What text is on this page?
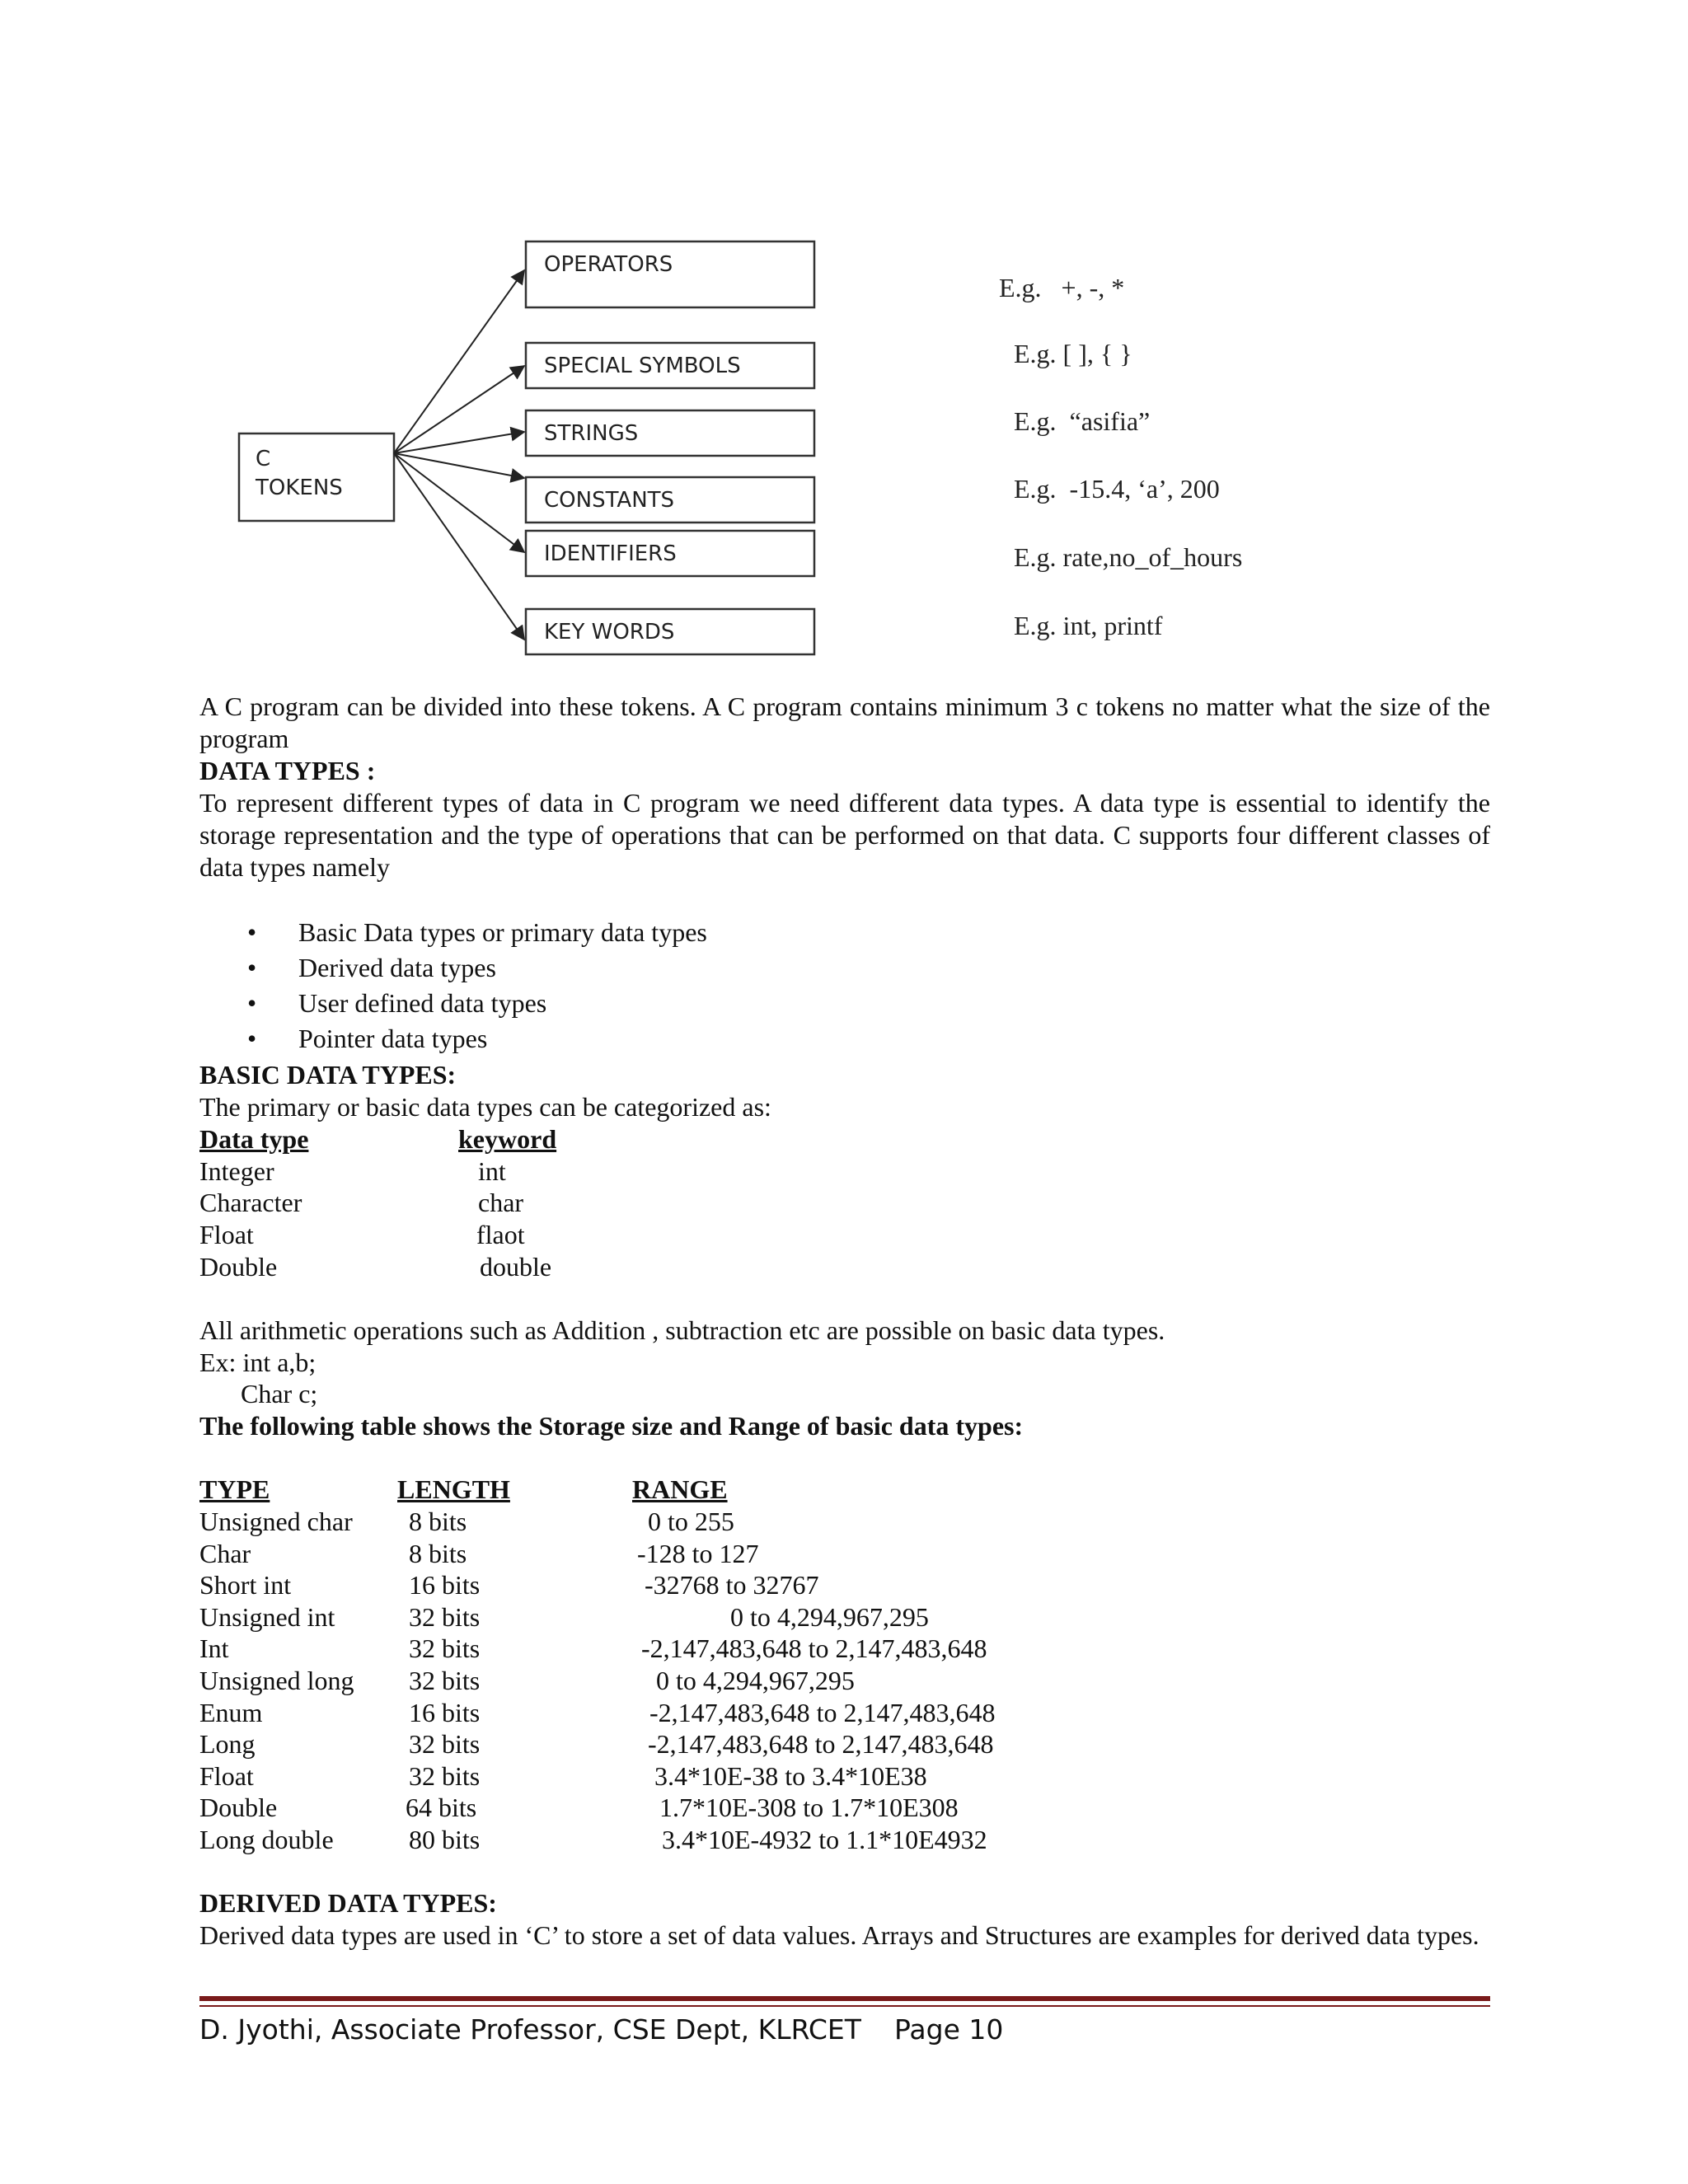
C
TOKENS
OPERATORS
SPECIAL SYMBOLS
STRINGS
CONSTANTS
IDENTIFIERS
KEY WORDS
E.g.   +, -, *
E.g. [ ], { }
E.g.  “asifia”
E.g.  -15.4, ‘a’, 200
E.g. rate,no_of_hours
E.g. int, printf
A C program can be divided into these tokens. A C program contains minimum 3 c tokens no matter what the size of the program
DATA TYPES :
To represent different types of data in C program we need different data types. A data type is essential to identify the storage representation and the type of operations that can be performed on that data. C supports four different classes of data types namely
• Basic Data types or primary data types
• Derived data types
• User defined data types
• Pointer data types
BASIC DATA TYPES:
The primary or basic data types can be categorized as:
Data type	keyword
Integer	int
Character	char
Float	flaot
Double	double
All arithmetic operations such as Addition , subtraction etc are possible on basic data types.
Ex: int a,b;
Char c;
The following table shows the Storage size and Range of basic data types:
TYPE	LENGTH	RANGE
Unsigned char 8 bits	0 to 255
Char	8 bits	-128 to 127
Short int	16 bits	-32768 to 32767
Unsigned int	32 bits	0 to 4,294,967,295
Int	32 bits	-2,147,483,648 to 2,147,483,648
Unsigned long 32 bits	0 to 4,294,967,295
Enum	16 bits	-2,147,483,648 to 2,147,483,648
Long	32 bits	-2,147,483,648 to 2,147,483,648
Float	32 bits	3.4*10E-38 to 3.4*10E38
Double	64 bits	1.7*10E-308 to 1.7*10E308
Long double	80 bits	3.4*10E-4932 to 1.1*10E4932
DERIVED DATA TYPES:
Derived data types are used in ‘C’ to store a set of data values. Arrays and Structures are examples for derived data types.
D. Jyothi, Associate Professor, CSE Dept, KLRCET Page 10
